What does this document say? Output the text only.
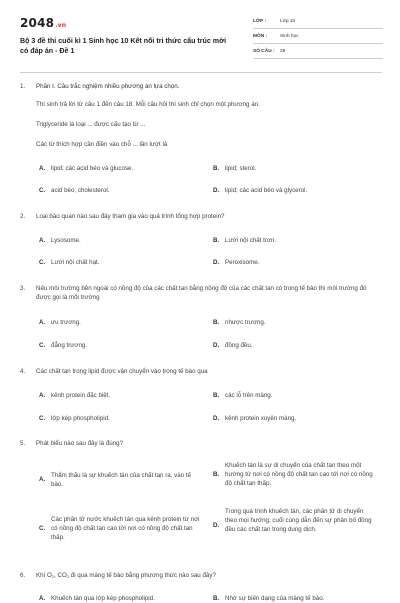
2048.vn
Bộ 3 đề thi cuối kì 1 Sinh học 10 Kết nối tri thức cấu trúc mới có đáp án - Đề 1
LỚP :	Lớp 10
MÔN :	Sinh học
SỐ CÂU :	28
1.	Phần I. Câu trắc nghiệm nhiều phương án lựa chọn.
Thí sinh trả lời từ câu 1 đến câu 18. Mỗi câu hỏi thí sinh chỉ chọn một phương án.
Triglyceride là loại ... được cấu tạo từ ...
Các từ thích hợp cần điền vào chỗ ... lần lượt là
A. lipid; các acid béo và glucose.	B. lipid; sterol.
C. acid béo; cholesterol.	D. lipid; các acid béo và glycerol.
2.	Loại bào quan nào sau đây tham gia vào quá trình tổng hợp protein?
A. Lysosome.	B. Lưới nội chất trơn.
C. Lưới nội chất hạt.	D. Peroxisome.
3.	Nếu môi trường bên ngoài có nồng độ của các chất tan bằng nồng độ của các chất tan có trong tế bào thì môi trường đó được gọi là môi trường
A. ưu trương.	B. nhược trương.
C. đẳng trương.	D. đồng đều.
4.	Các chất tan trong lipid được vận chuyển vào trong tế bào qua
A. kênh protein đặc biệt.	B. các lỗ trên màng.
C. lớp kép phospholipid.	D. kênh protein xuyên màng.
5.	Phát biểu nào sau đây là đúng?
A.
Thẩm thấu là sự khuếch tán của chất tan ra, vào tế bào.
B.
Khuếch tán là sự di chuyển của chất tan theo một hướng từ nơi có nồng độ chất tan cao tới nơi có nồng độ chất tan thấp.
C.
Các phân tử nước khuếch tán qua kênh protein từ nơi có nồng độ chất tan cao tới nơi có nồng độ chất tan thấp.
D.
Trong quá trình khuếch tán, các phân tử di chuyển theo mọi hướng, cuối cùng dẫn đến sự phân bố đồng đều các chất tan trong dung dịch.
6.	Khí $O_2$, $CO_2$ đi qua màng tế bào bằng phương thức nào sau đây?
A. Khuếch tán qua lớp kép phospholipid.	B. Nhờ sự biến dạng của màng tế bào.
